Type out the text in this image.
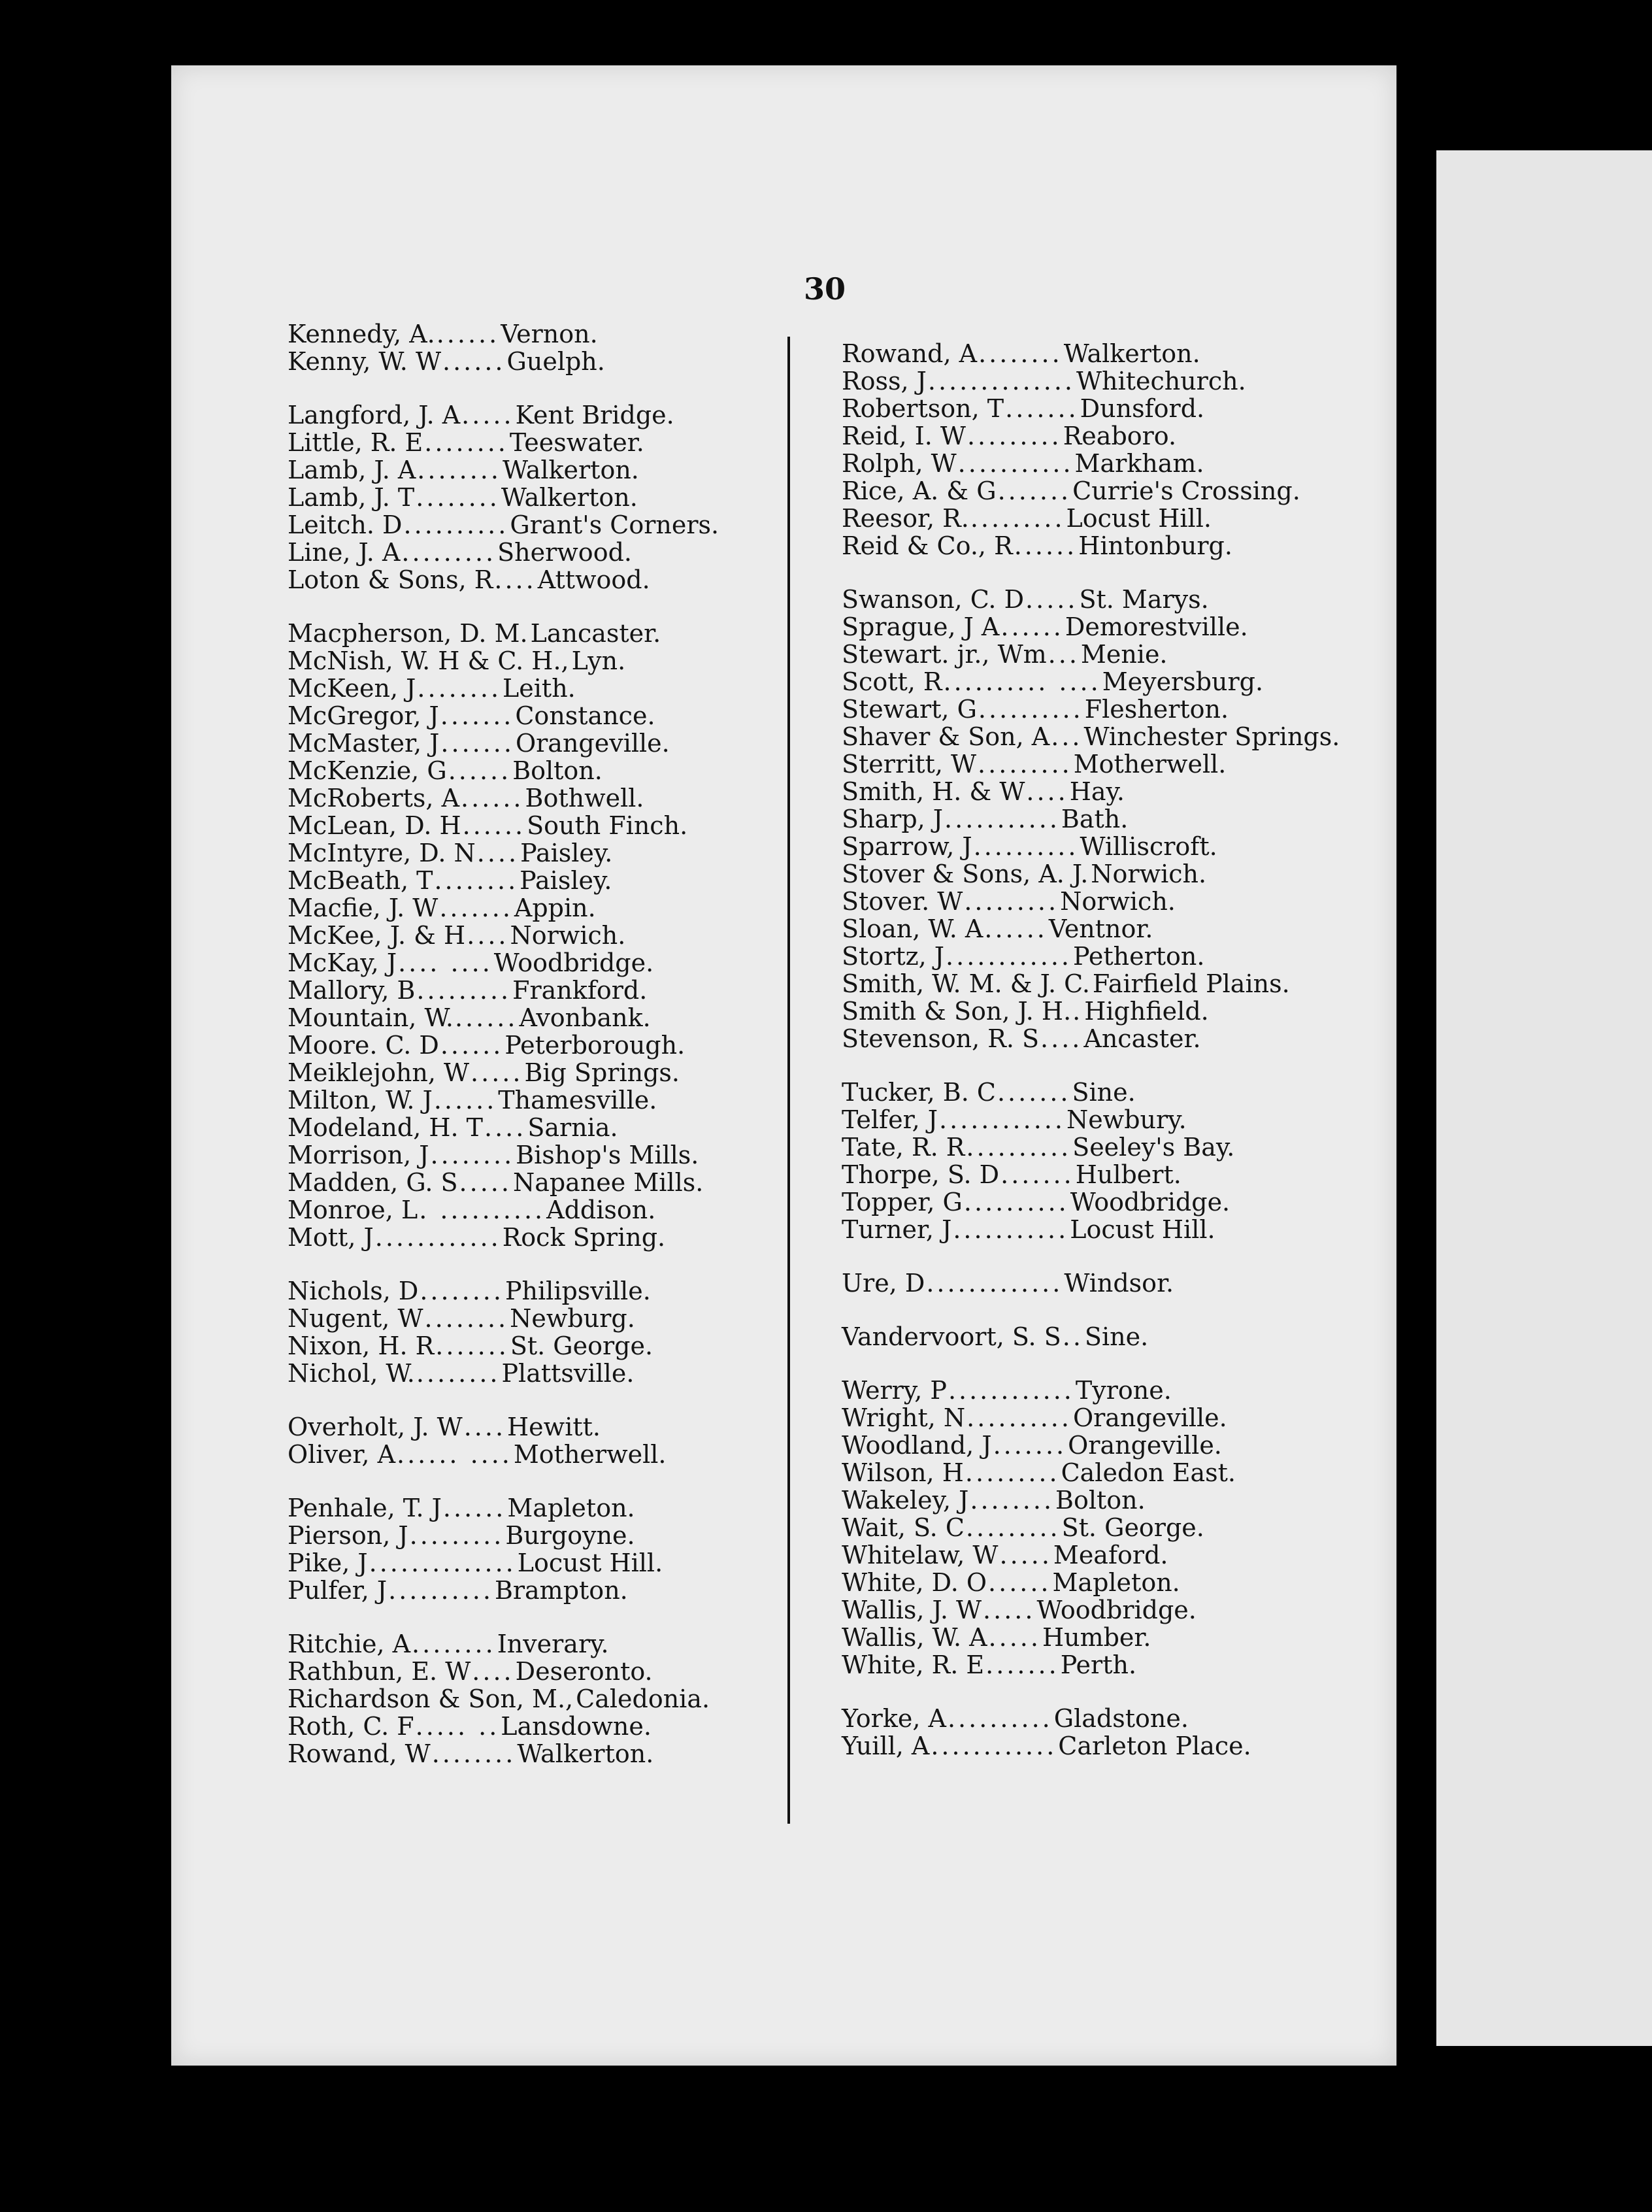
30
Kennedy, A. ...... Vernon.
Kenny, W. W ...... Guelph.
Langford, J. A ..... Kent Bridge.
Little, R. E ........ Teeswater.
Lamb, J. A ........ Walkerton.
Lamb, J. T ........ Walkerton.
Leitch. D .......... Grant's Corners.
Line, J. A ......... Sherwood.
Loton & Sons, R .... Attwood.
Macpherson, D. M. Lancaster.
McNish, W. H & C. H., Lyn.
McKeen, J ........ Leith.
McGregor, J ....... Constance.
McMaster, J ....... Orangeville.
McKenzie, G ...... Bolton.
McRoberts, A ...... Bothwell.
McLean, D. H ...... South Finch.
McIntyre, D. N .... Paisley.
McBeath, T ........ Paisley.
Macfie, J. W ....... Appin.
McKee, J. & H .... Norwich.
McKay, J .... .... Woodbridge.
Mallory, B ......... Frankford.
Mountain, W. ...... Avonbank.
Moore. C. D ...... Peterborough.
Meiklejohn, W ..... Big Springs.
Milton, W. J ...... Thamesville.
Modeland, H. T .... Sarnia.
Morrison, J ........ Bishop's Mills.
Madden, G. S ..... Napanee Mills.
Monroe, L . .......... Addison.
Mott, J ............ Rock Spring.
Nichols, D ........ Philipsville.
Nugent, W ........ Newburg.
Nixon, H. R ....... St. George.
Nichol, W. ........ Plattsville.
Overholt, J. W .... Hewitt.
Oliver, A ...... .... Motherwell.
Penhale, T. J ...... Mapleton.
Pierson, J ......... Burgoyne.
Pike, J .............. Locust Hill.
Pulfer, J .......... Brampton.
Ritchie, A ........ Inverary.
Rathbun, E. W .... Deseronto.
Richardson & Son, M., Caledonia.
Roth, C. F ..... .. Lansdowne.
Rowand, W ........ Walkerton.
Rowand, A ........ Walkerton.
Ross, J .............. Whitechurch.
Robertson, T ....... Dunsford.
Reid, I. W ......... Reaboro.
Rolph, W ........... Markham.
Rice, A. & G ....... Currie's Crossing.
Reesor, R. ......... Locust Hill.
Reid & Co., R ...... Hintonburg.
Swanson, C. D ..... St. Marys.
Sprague, J A ...... Demorestville.
Stewart. jr., Wm ... Menie.
Scott, R .......... .... Meyersburg.
Stewart, G .......... Flesherton.
Shaver & Son, A ... Winchester Springs.
Sterritt, W ......... Motherwell.
Smith, H. & W .... Hay.
Sharp, J ........... Bath.
Sparrow, J .......... Williscroft.
Stover & Sons, A. J. Norwich.
Stover. W ......... Norwich.
Sloan, W. A ...... Ventnor.
Stortz, J ............ Petherton.
Smith, W. M. & J. C. Fairfield Plains.
Smith & Son, J. H. . Highfield.
Stevenson, R. S .... Ancaster.
Tucker, B. C ....... Sine.
Telfer, J ............ Newbury.
Tate, R. R .......... Seeley's Bay.
Thorpe, S. D ....... Hulbert.
Topper, G .......... Woodbridge.
Turner, J ........... Locust Hill.
Ure, D ............. Windsor.
Vandervoort, S. S .. Sine.
Werry, P ............ Tyrone.
Wright, N .......... Orangeville.
Woodland, J ....... Orangeville.
Wilson, H ......... Caledon East.
Wakeley, J ........ Bolton.
Wait, S. C ......... St. George.
Whitelaw, W ..... Meaford.
White, D. O ...... Mapleton.
Wallis, J. W ..... Woodbridge.
Wallis, W. A ..... Humber.
White, R. E ....... Perth.
Yorke, A .......... Gladstone.
Yuill, A ............ Carleton Place.
